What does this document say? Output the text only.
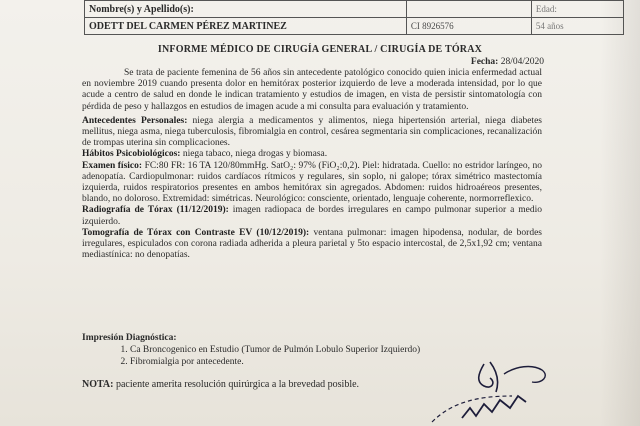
Nombre(s) y Apellido(s):		Edad:
ODETT DEL CARMEN PÉREZ MARTINEZ	CI 8926576	54 años
INFORME MÉDICO DE CIRUGÍA GENERAL / CIRUGÍA DE TÓRAX
Fecha: 28/04/2020

Se trata de paciente femenina de 56 años sin antecedente patológico conocido quien inicia enfermedad actual en noviembre 2019 cuando presenta dolor en hemitórax posterior izquierdo de leve a moderada intensidad, por lo que acude a centro de salud en donde le indican tratamiento y estudios de imagen, en vista de persistir sintomatología con pérdida de peso y hallazgos en estudios de imagen acude a mi consulta para evaluación y tratamiento.

Antecedentes Personales: niega alergia a medicamentos y alimentos, niega hipertensión arterial, niega diabetes mellitus, niega asma, niega tuberculosis, fibromialgia en control, cesárea segmentaria sin complicaciones, recanalización de trompas uterina sin complicaciones.

Hábitos Psicobiológicos: niega tabaco, niega drogas y biomasa.

Examen físico: FC:80 FR: 16 TA 120/80mmHg. SatO₂: 97% (FiO₂:0,2). Piel: hidratada. Cuello: no estridor laríngeo, no adenopatía. Cardiopulmonar: ruidos cardíacos rítmicos y regulares, sin soplo, ni galope; tórax simétrico mastectomía izquierda, ruidos respiratorios presentes en ambos hemitórax sin agregados. Abdomen: ruidos hidroaéreos presentes, blando, no doloroso. Extremidad: simétricas. Neurológico: consciente, orientado, lenguaje coherente, normorreflexico.

Radiografía de Tórax (11/12/2019): imagen radiopaca de bordes irregulares en campo pulmonar superior a medio izquierdo.

Tomografía de Tórax con Contraste EV (10/12/2019): ventana pulmonar: imagen hipodensa, nodular, de bordes irregulares, espiculados con corona radiada adherida a pleura parietal y 5to espacio intercostal, de 2,5x1,92 cm; ventana mediastínica: no denopatías.

Impresión Diagnóstica:
1. Ca Broncogenico en Estudio (Tumor de Pulmón Lobulo Superior Izquierdo)
2. Fibromialgia por antecedente.
NOTA: paciente amerita resolución quirúrgica a la brevedad posible.
